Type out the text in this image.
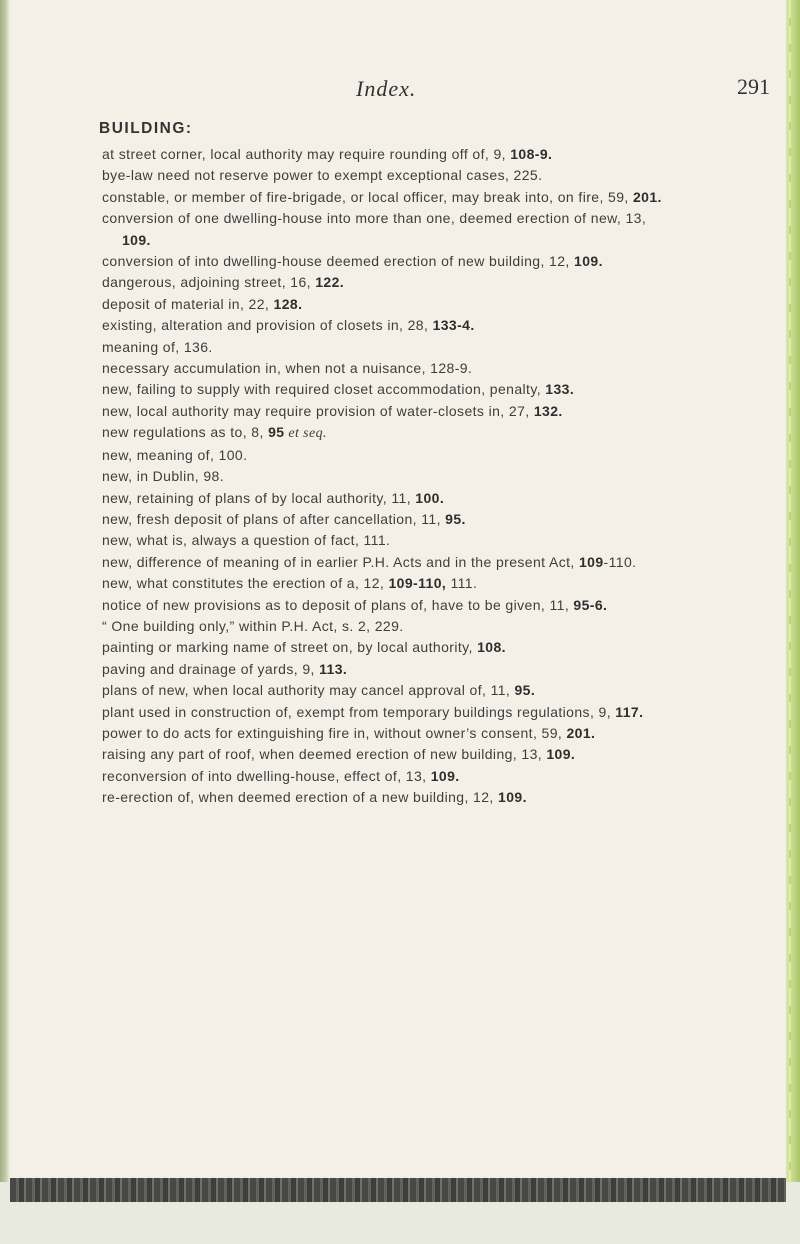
Index.	291
BUILDING:
at street corner, local authority may require rounding off of, 9, 108-9.
bye-law need not reserve power to exempt exceptional cases, 225.
constable, or member of fire-brigade, or local officer, may break into, on fire, 59, 201.
conversion of one dwelling-house into more than one, deemed erection of new, 13, 109.
conversion of into dwelling-house deemed erection of new building, 12, 109.
dangerous, adjoining street, 16, 122.
deposit of material in, 22, 128.
existing, alteration and provision of closets in, 28, 133-4.
meaning of, 136.
necessary accumulation in, when not a nuisance, 128-9.
new, failing to supply with required closet accommodation, penalty, 133.
new, local authority may require provision of water-closets in, 27, 132.
new regulations as to, 8, 95 et seq.
new, meaning of, 100.
new, in Dublin, 98.
new, retaining of plans of by local authority, 11, 100.
new, fresh deposit of plans of after cancellation, 11, 95.
new, what is, always a question of fact, 111.
new, difference of meaning of in earlier P.H. Acts and in the present Act, 109-110.
new, what constitutes the erection of a, 12, 109-110, 111.
notice of new provisions as to deposit of plans of, have to be given, 11, 95-6.
“ One building only,” within P.H. Act, s. 2, 229.
painting or marking name of street on, by local authority, 108.
paving and drainage of yards, 9, 113.
plans of new, when local authority may cancel approval of, 11, 95.
plant used in construction of, exempt from temporary buildings regulations, 9, 117.
power to do acts for extinguishing fire in, without owner’s consent, 59, 201.
raising any part of roof, when deemed erection of new building, 13, 109.
reconversion of into dwelling-house, effect of, 13, 109.
re-erection of, when deemed erection of a new building, 12, 109.
